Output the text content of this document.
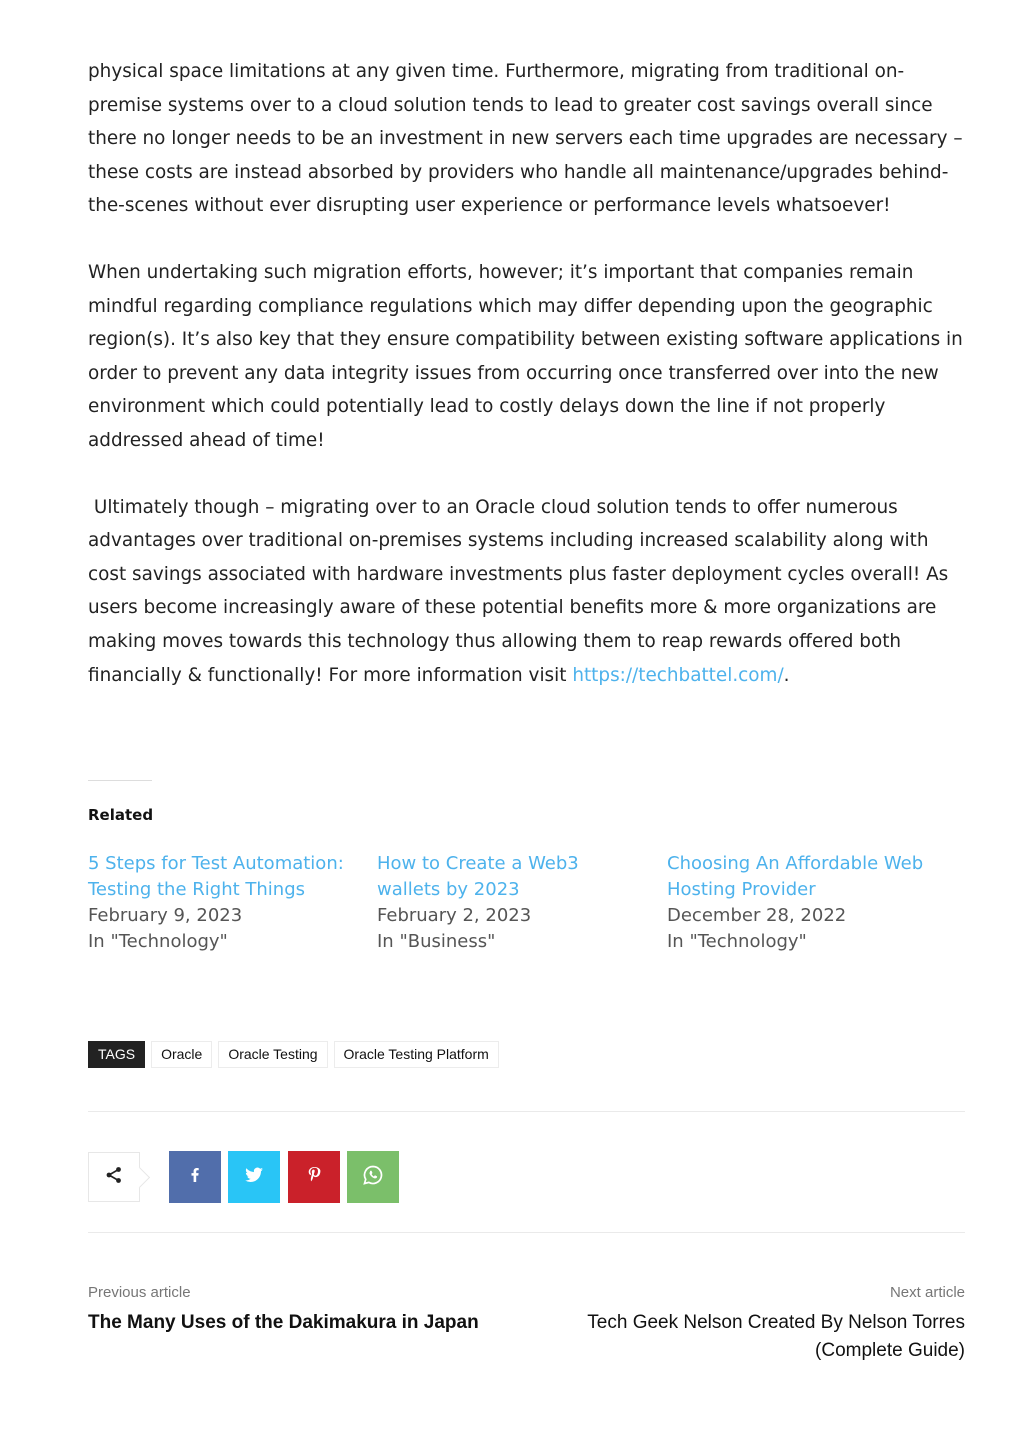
physical space limitations at any given time. Furthermore, migrating from traditional on-premise systems over to a cloud solution tends to lead to greater cost savings overall since there no longer needs to be an investment in new servers each time upgrades are necessary – these costs are instead absorbed by providers who handle all maintenance/upgrades behind-the-scenes without ever disrupting user experience or performance levels whatsoever!

When undertaking such migration efforts, however; it’s important that companies remain mindful regarding compliance regulations which may differ depending upon the geographic region(s). It’s also key that they ensure compatibility between existing software applications in order to prevent any data integrity issues from occurring once transferred over into the new environment which could potentially lead to costly delays down the line if not properly addressed ahead of time!

Ultimately though – migrating over to an Oracle cloud solution tends to offer numerous advantages over traditional on-premises systems including increased scalability along with cost savings associated with hardware investments plus faster deployment cycles overall! As users become increasingly aware of these potential benefits more & more organizations are making moves towards this technology thus allowing them to reap rewards offered both financially & functionally! For more information visit https://techbattel.com/.

Related
5 Steps for Test Automation: Testing the Right Things
February 9, 2023
In "Technology"
How to Create a Web3 wallets by 2023
February 2, 2023
In "Business"
Choosing An Affordable Web Hosting Provider
December 28, 2022
In "Technology"
TAGS	Oracle	Oracle Testing	Oracle Testing Platform
Previous article
The Many Uses of the Dakimakura in Japan
Next article
Tech Geek Nelson Created By Nelson Torres (Complete Guide)
